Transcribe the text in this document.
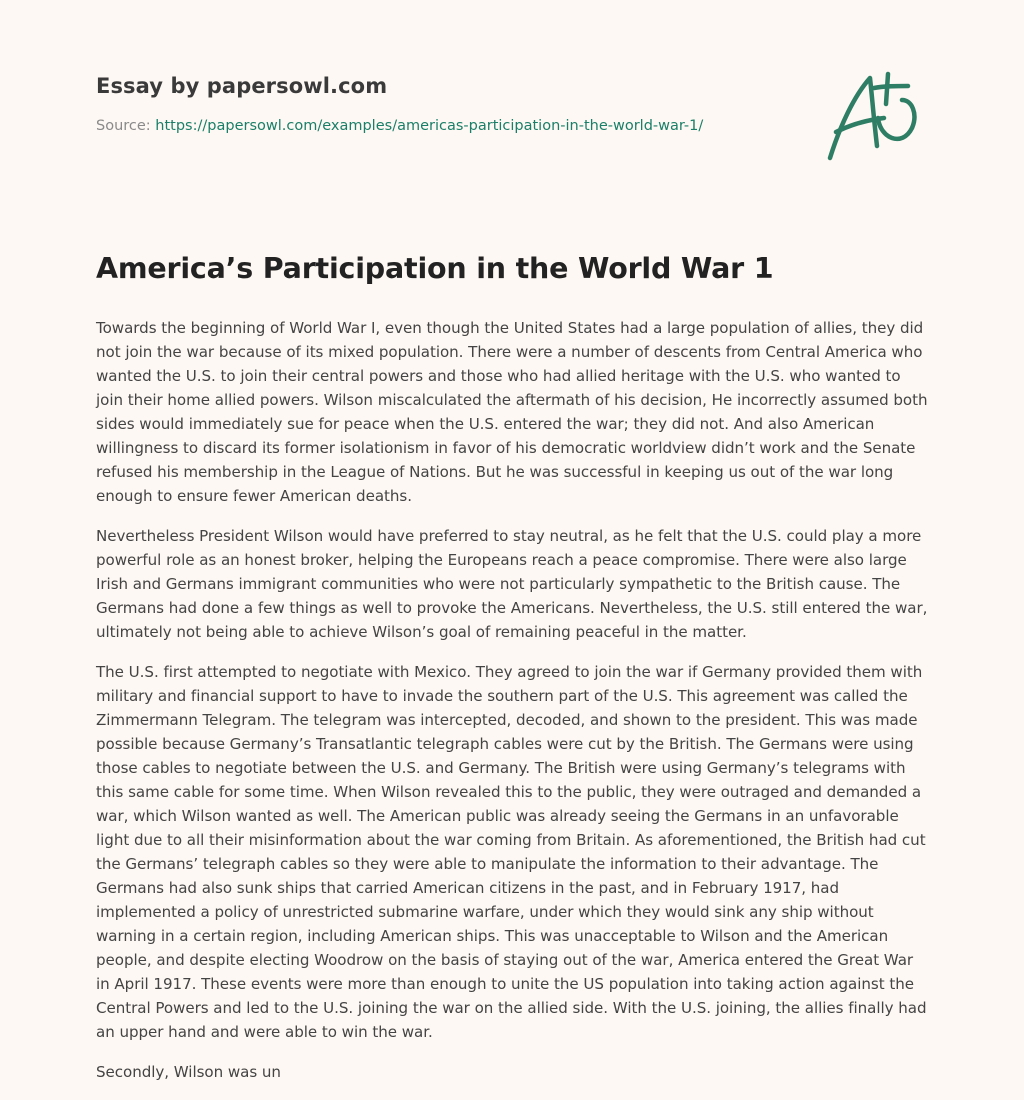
Essay by papersowl.com
Source: https://papersowl.com/examples/americas-participation-in-the-world-war-1/
America’s Participation in the World War 1

Towards the beginning of World War I, even though the United States had a large population of allies, they did not join the war because of its mixed population. There were a number of descents from Central America who wanted the U.S. to join their central powers and those who had allied heritage with the U.S. who wanted to join their home allied powers. Wilson miscalculated the aftermath of his decision, He incorrectly assumed both sides would immediately sue for peace when the U.S. entered the war; they did not. And also American willingness to discard its former isolationism in favor of his democratic worldview didn’t work and the Senate refused his membership in the League of Nations. But he was successful in keeping us out of the war long enough to ensure fewer American deaths.

Nevertheless President Wilson would have preferred to stay neutral, as he felt that the U.S. could play a more powerful role as an honest broker, helping the Europeans reach a peace compromise. There were also large Irish and Germans immigrant communities who were not particularly sympathetic to the British cause. The Germans had done a few things as well to provoke the Americans. Nevertheless, the U.S. still entered the war, ultimately not being able to achieve Wilson’s goal of remaining peaceful in the matter.

The U.S. first attempted to negotiate with Mexico. They agreed to join the war if Germany provided them with military and financial support to have to invade the southern part of the U.S. This agreement was called the Zimmermann Telegram. The telegram was intercepted, decoded, and shown to the president. This was made possible because Germany’s Transatlantic telegraph cables were cut by the British. The Germans were using those cables to negotiate between the U.S. and Germany. The British were using Germany’s telegrams with this same cable for some time. When Wilson revealed this to the public, they were outraged and demanded a war, which Wilson wanted as well. The American public was already seeing the Germans in an unfavorable light due to all their misinformation about the war coming from Britain. As aforementioned, the British had cut the Germans’ telegraph cables so they were able to manipulate the information to their advantage. The Germans had also sunk ships that carried American citizens in the past, and in February 1917, had implemented a policy of unrestricted submarine warfare, under which they would sink any ship without warning in a certain region, including American ships. This was unacceptable to Wilson and the American people, and despite electing Woodrow on the basis of staying out of the war, America entered the Great War in April 1917. These events were more than enough to unite the US population into taking action against the Central Powers and led to the U.S. joining the war on the allied side. With the U.S. joining, the allies finally had an upper hand and were able to win the war.

Secondly, Wilson was un
